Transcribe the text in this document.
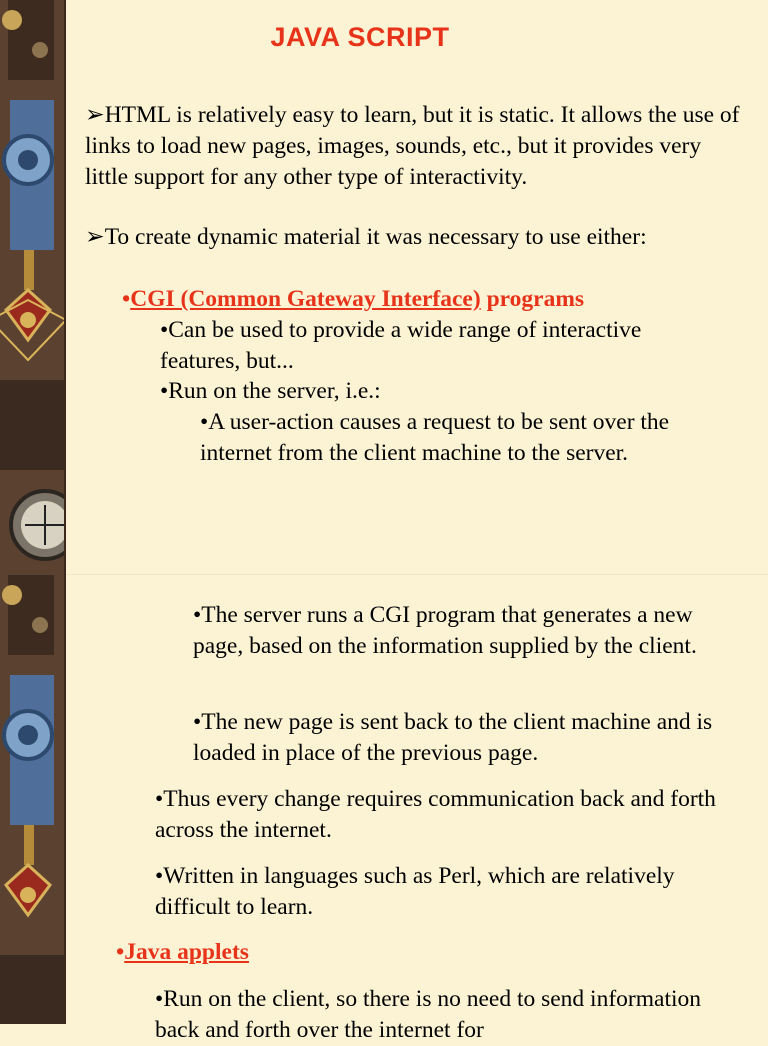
JAVA SCRIPT
➢HTML is relatively easy to learn, but it is static. It allows the use of links to load new pages, images, sounds, etc., but it provides very little support for any other type of interactivity.
➢To create dynamic material it was necessary to use either:
•CGI (Common Gateway Interface) programs
•Can be used to provide a wide range of interactive features, but...
•Run on the server, i.e.:
•A user-action causes a request to be sent over the internet from the client machine to the server.
•The server runs a CGI program that generates a new page, based on the information supplied by the client.
•The new page is sent back to the client machine and is loaded in place of the previous page.
•Thus every change requires communication back and forth across the internet.
•Written in languages such as Perl, which are relatively difficult to learn.
•Java applets
•Run on the client, so there is no need to send information back and forth over the internet for
